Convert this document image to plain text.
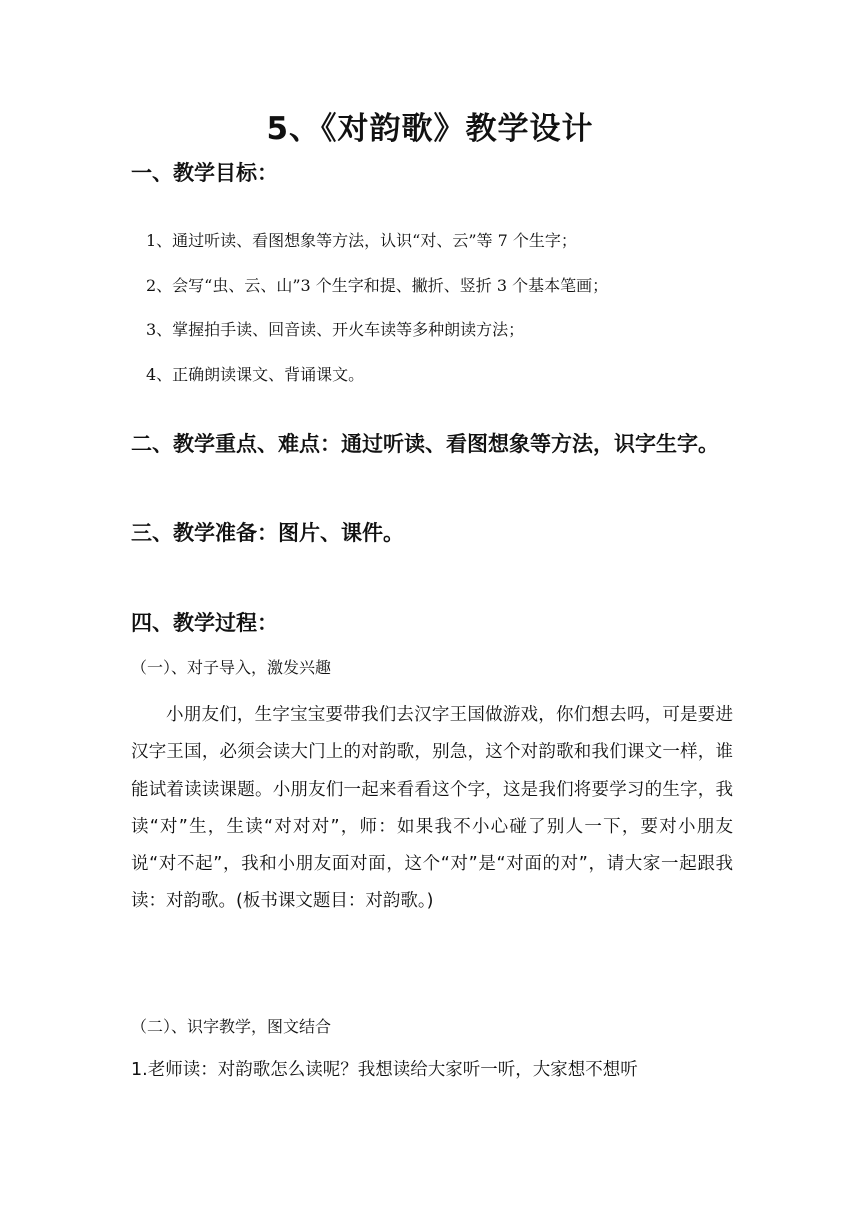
5、《对韵歌》教学设计
一、教学目标：
1、通过听读、看图想象等方法，认识“对、云”等 7 个生字；
2、会写“虫、云、山”3 个生字和提、撇折、竖折 3 个基本笔画；
3、掌握拍手读、回音读、开火车读等多种朗读方法；
4、正确朗读课文、背诵课文。
二、教学重点、难点：通过听读、看图想象等方法，识字生字。
三、教学准备：图片、课件。
四、教学过程：
（一）、对子导入，激发兴趣
小朋友们，生字宝宝要带我们去汉字王国做游戏，你们想去吗，可是要进汉字王国，必须会读大门上的对韵歌，别急，这个对韵歌和我们课文一样，谁能试着读读课题。小朋友们一起来看看这个字，这是我们将要学习的生字，我读“对”生，生读“对对对”，师：如果我不小心碰了别人一下，要对小朋友说“对不起”，我和小朋友面对面，这个“对”是“对面的对”，请大家一起跟我读：对韵歌。(板书课文题目：对韵歌。)
（二）、识字教学，图文结合
1.老师读：对韵歌怎么读呢？我想读给大家听一听，大家想不想听
